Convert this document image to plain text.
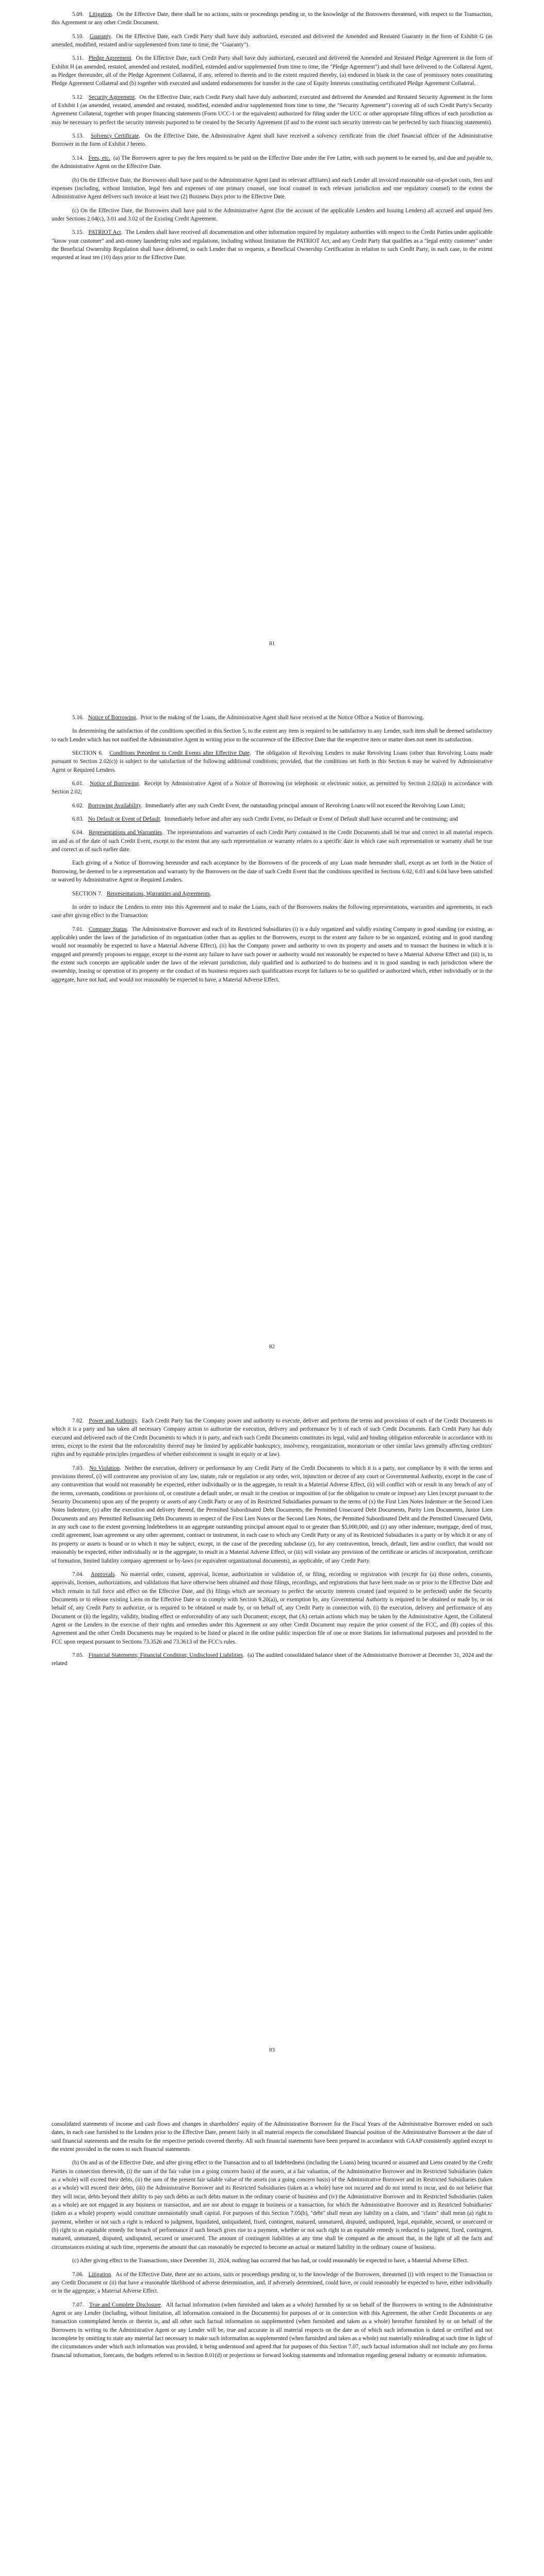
5.09. Litigation.  On the Effective Date, there shall be no actions, suits or proceedings pending or, to the knowledge of the Borrowers threatened, with respect to the Transaction, this Agreement or any other Credit Document.

5.10. Guaranty.  On the Effective Date, each Credit Party shall have duly authorized, executed and delivered the Amended and Restated Guaranty in the form of Exhibit G (as amended, modified, restated and/or supplemented from time to time, the "Guaranty").

5.11. Pledge Agreement.  On the Effective Date, each Credit Party shall have duly authorized, executed and delivered the Amended and Restated Pledge Agreement in the form of Exhibit H (as amended, restated, amended and restated, modified, extended and/or supplemented from time to time, the "Pledge Agreement") and shall have delivered to the Collateral Agent, as Pledgee thereunder, all of the Pledge Agreement Collateral, if any, referred to therein and to the extent required thereby, (a) endorsed in blank in the case of promissory notes constituting Pledge Agreement Collateral and (b) together with executed and undated endorsements for transfer in the case of Equity Interests constituting certificated Pledge Agreement Collateral.

5.12. Security Agreement.  On the Effective Date, each Credit Party shall have duly authorized, executed and delivered the Amended and Restated Security Agreement in the form of Exhibit I (as amended, restated, amended and restated, modified, extended and/or supplemented from time to time, the "Security Agreement") covering all of such Credit Party's Security Agreement Collateral, together with proper financing statements (Form UCC-1 or the equivalent) authorized for filing under the UCC or other appropriate filing offices of each jurisdiction as may be necessary to perfect the security interests purported to be created by the Security Agreement (if and to the extent such security interests can be perfected by such financing statements).

5.13. Solvency Certificate.  On the Effective Date, the Administrative Agent shall have received a solvency certificate from the chief financial officer of the Administrative Borrower in the form of Exhibit J hereto.

5.14. Fees, etc. (a) The Borrowers agree to pay the fees required to be paid on the Effective Date under the Fee Letter, with such payment to be earned by, and due and payable to, the Administrative Agent on the Effective Date.

(b) On the Effective Date, the Borrowers shall have paid to the Administrative Agent (and its relevant affiliates) and each Lender all invoiced reasonable out-of-pocket costs, fees and expenses (including, without limitation, legal fees and expenses of one primary counsel, one local counsel in each relevant jurisdiction and one regulatory counsel) to the extent the Administrative Agent delivers such invoice at least two (2) Business Days prior to the Effective Date.

(c) On the Effective Date, the Borrowers shall have paid to the Administrative Agent (for the account of the applicable Lenders and Issuing Lenders) all accrued and unpaid fees under Sections 2.04(c), 3.01 and 3.02 of the Existing Credit Agreement.

5.15. PATRIOT Act.  The Lenders shall have received all documentation and other information required by regulatory authorities with respect to the Credit Parties under applicable "know your customer" and anti-money laundering rules and regulations, including without limitation the PATRIOT Act, and any Credit Party that qualifies as a "legal entity customer" under the Beneficial Ownership Regulation shall have delivered, to each Lender that so requests, a Beneficial Ownership Certification in relation to such Credit Party, in each case, to the extent requested at least ten (10) days prior to the Effective Date.

81

5.16. Notice of Borrowing.  Prior to the making of the Loans, the Administrative Agent shall have received at the Notice Office a Notice of Borrowing.

In determining the satisfaction of the conditions specified in this Section 5, to the extent any item is required to be satisfactory to any Lender, such item shall be deemed satisfactory to each Lender which has not notified the Administrative Agent in writing prior to the occurrence of the Effective Date that the respective item or matter does not meet its satisfaction.

SECTION 6. Conditions Precedent to Credit Events after Effective Date.  The obligation of Revolving Lenders to make Revolving Loans (other than Revolving Loans made pursuant to Section 2.02(c)) is subject to the satisfaction of the following additional conditions; provided, that the conditions set forth in this Section 6 may be waived by Administrative Agent or Required Lenders.

6.01. Notice of Borrowing.  Receipt by Administrative Agent of a Notice of Borrowing (or telephonic or electronic notice, as permitted by Section 2.02(a)) in accordance with Section 2.02;

6.02. Borrowing Availability.  Immediately after any such Credit Event, the outstanding principal amount of Revolving Loans will not exceed the Revolving Loan Limit;

6.03. No Default or Event of Default.  Immediately before and after any such Credit Event, no Default or Event of Default shall have occurred and be continuing; and

6.04. Representations and Warranties.  The representations and warranties of each Credit Party contained in the Credit Documents shall be true and correct in all material respects on and as of the date of such Credit Event, except to the extent that any such representation or warranty relates to a specific date in which case such representation or warranty shall be true and correct as of such earlier date.

Each giving of a Notice of Borrowing hereunder and each acceptance by the Borrowers of the proceeds of any Loan made hereunder shall, except as set forth in the Notice of Borrowing, be deemed to be a representation and warranty by the Borrowers on the date of such Credit Event that the conditions specified in Sections 6.02, 6.03 and 6.04 have been satisfied or waived by Administrative Agent or Required Lenders.

SECTION 7. Representations, Warranties and Agreements.

In order to induce the Lenders to enter into this Agreement and to make the Loans, each of the Borrowers makes the following representations, warranties and agreements, in each case after giving effect to the Transaction:

7.01. Company Status.  The Administrative Borrower and each of its Restricted Subsidiaries (i) is a duly organized and validly existing Company in good standing (or existing, as applicable) under the laws of the jurisdiction of its organization (other than as applies to the Borrowers, except to the extent any failure to be so organized, existing and in good standing would not reasonably be expected to have a Material Adverse Effect), (ii) has the Company power and authority to own its property and assets and to transact the business in which it is engaged and presently proposes to engage, except to the extent any failure to have such power or authority would not reasonably be expected to have a Material Adverse Effect and (iii) is, to the extent such concepts are applicable under the laws of the relevant jurisdiction, duly qualified and is authorized to do business and is in good standing in each jurisdiction where the ownership, leasing or operation of its property or the conduct of its business requires such qualifications except for failures to be so qualified or authorized which, either individually or in the aggregate, have not had, and would not reasonably be expected to have, a Material Adverse Effect.

82

7.02. Power and Authority.  Each Credit Party has the Company power and authority to execute, deliver and perform the terms and provisions of each of the Credit Documents to which it is a party and has taken all necessary Company action to authorize the execution, delivery and performance by it of each of such Credit Documents. Each Credit Party has duly executed and delivered each of the Credit Documents to which it is party, and each such Credit Documents constitutes its legal, valid and binding obligation enforceable in accordance with its terms, except to the extent that the enforceability thereof may be limited by applicable bankruptcy, insolvency, reorganization, moratorium or other similar laws generally affecting creditors' rights and by equitable principles (regardless of whether enforcement is sought in equity or at law).

7.03. No Violation.  Neither the execution, delivery or performance by any Credit Party of the Credit Documents to which it is a party, nor compliance by it with the terms and provisions thereof, (i) will contravene any provision of any law, statute, rule or regulation or any order, writ, injunction or decree of any court or Governmental Authority, except in the case of any contravention that would not reasonably be expected, either individually or in the aggregate, to result in a Material Adverse Effect, (ii) will conflict with or result in any breach of any of the terms, covenants, conditions or provisions of, or constitute a default under, or result in the creation or imposition of (or the obligation to create or impose) any Lien (except pursuant to the Security Documents) upon any of the property or assets of any Credit Party or any of its Restricted Subsidiaries pursuant to the terms of (x) the First Lien Notes Indenture or the Second Lien Notes Indenture, (y) after the execution and delivery thereof, the Permitted Subordinated Debt Documents, the Permitted Unsecured Debt Documents, Parity Lien Documents, Junior Lien Documents and any Permitted Refinancing Debt Documents in respect of the First Lien Notes or the Second Lien Notes, the Permitted Subordinated Debt and the Permitted Unsecured Debt, in any such case to the extent governing Indebtedness in an aggregate outstanding principal amount equal to or greater than $5,000,000, and (z) any other indenture, mortgage, deed of trust, credit agreement, loan agreement or any other agreement, contract or instrument, in each case to which any Credit Party or any of its Restricted Subsidiaries is a party or by which it or any of its property or assets is bound or to which it may be subject, except, in the case of the preceding subclause (z), for any contravention, breach, default, lien and/or conflict, that would not reasonably be expected, either individually or in the aggregate, to result in a Material Adverse Effect, or (iii) will violate any provision of the certificate or articles of incorporation, certificate of formation, limited liability company agreement or by-laws (or equivalent organizational documents), as applicable, of any Credit Party.

7.04. Approvals.  No material order, consent, approval, license, authorization or validation of, or filing, recording or registration with (except for (a) those orders, consents, approvals, licenses, authorizations, and validations that have otherwise been obtained and those filings, recordings, and registrations that have been made on or prior to the Effective Date and which remain in full force and effect on the Effective Date, and (b) filings which are necessary to perfect the security interests created (and required to be perfected) under the Security Documents or to release existing Liens on the Effective Date or to comply with Section 9.20(a)), or exemption by, any Governmental Authority is required to be obtained or made by, or on behalf of, any Credit Party to authorize, or is required to be obtained or made by, or on behalf of, any Credit Party in connection with, (i) the execution, delivery and performance of any Document or (ii) the legality, validity, binding effect or enforceability of any such Document; except, that (A) certain actions which may be taken by the Administrative Agent, the Collateral Agent or the Lenders in the exercise of their rights and remedies under this Agreement or any other Credit Document may require the prior consent of the FCC, and (B) copies of this Agreement and the other Credit Documents may be required to be listed or placed in the online public inspection file of one or more Stations for informational purposes and provided to the FCC upon request pursuant to Sections 73.3526 and 73.3613 of the FCC's rules.

7.05. Financial Statements; Financial Condition; Undisclosed Liabilities.  (a) The audited consolidated balance sheet of the Administrative Borrower at December 31, 2024 and the related

83

consolidated statements of income and cash flows and changes in shareholders' equity of the Administrative Borrower for the Fiscal Years of the Administrative Borrower ended on such dates, in each case furnished to the Lenders prior to the Effective Date, present fairly in all material respects the consolidated financial position of the Administrative Borrower at the date of said financial statements and the results for the respective periods covered thereby. All such financial statements have been prepared in accordance with GAAP consistently applied except to the extent provided in the notes to such financial statements.

(b) On and as of the Effective Date, and after giving effect to the Transaction and to all Indebtedness (including the Loans) being incurred or assumed and Liens created by the Credit Parties in connection therewith, (i) the sum of the fair value (on a going concern basis) of the assets, at a fair valuation, of the Administrative Borrower and its Restricted Subsidiaries (taken as a whole) will exceed their debts, (ii) the sum of the present fair salable value of the assets (on a going concern basis) of the Administrative Borrower and its Restricted Subsidiaries (taken as a whole) will exceed their debts, (iii) the Administrative Borrower and its Restricted Subsidiaries (taken as a whole) have not incurred and do not intend to incur, and do not believe that they will incur, debts beyond their ability to pay such debts as such debts mature in the ordinary course of business and (iv) the Administrative Borrower and its Restricted Subsidiaries (taken as a whole) are not engaged in any business or transaction, and are not about to engage in business or a transaction, for which the Administrative Borrower and its Restricted Subsidiaries' (taken as a whole) property would constitute unreasonably small capital. For purposes of this Section 7.05(b), "debt" shall mean any liability on a claim, and "claim" shall mean (a) right to payment, whether or not such a right is reduced to judgment, liquidated, unliquidated, fixed, contingent, matured, unmatured, disputed, undisputed, legal, equitable, secured, or unsecured or (b) right to an equitable remedy for breach of performance if such breach gives rise to a payment, whether or not such right to an equitable remedy is reduced to judgment, fixed, contingent, matured, unmatured, disputed, undisputed, secured or unsecured. The amount of contingent liabilities at any time shall be computed as the amount that, in the light of all the facts and circumstances existing at such time, represents the amount that can reasonably be expected to become an actual or matured liability in the ordinary course of business.

(c) After giving effect to the Transactions, since December 31, 2024, nothing has occurred that has had, or could reasonably be expected to have, a Material Adverse Effect.

7.06. Litigation.  As of the Effective Date, there are no actions, suits or proceedings pending or, to the knowledge of the Borrowers, threatened (i) with respect to the Transaction or any Credit Document or (ii) that have a reasonable likelihood of adverse determination, and, if adversely determined, could have, or could reasonably be expected to have, either individually or in the aggregate, a Material Adverse Effect.

7.07. True and Complete Disclosure.  All factual information (when furnished and taken as a whole) furnished by or on behalf of the Borrowers in writing to the Administrative Agent or any Lender (including, without limitation, all information contained in the Documents) for purposes of or in connection with this Agreement, the other Credit Documents or any transaction contemplated herein or therein is, and all other such factual information so supplemented (when furnished and taken as a whole) hereafter furnished by or on behalf of the Borrowers in writing to the Administrative Agent or any Lender will be, true and accurate in all material respects on the date as of which such information is dated or certified and not incomplete by omitting to state any material fact necessary to make such information as supplemented (when furnished and taken as a whole) not materially misleading at such time in light of the circumstances under which such information was provided, it being understood and agreed that for purposes of this Section 7.07, such factual information shall not include any pro forma financial information, forecasts, the budgets referred to in Section 8.01(d) or projections or forward looking statements and information regarding general industry or economic information.
